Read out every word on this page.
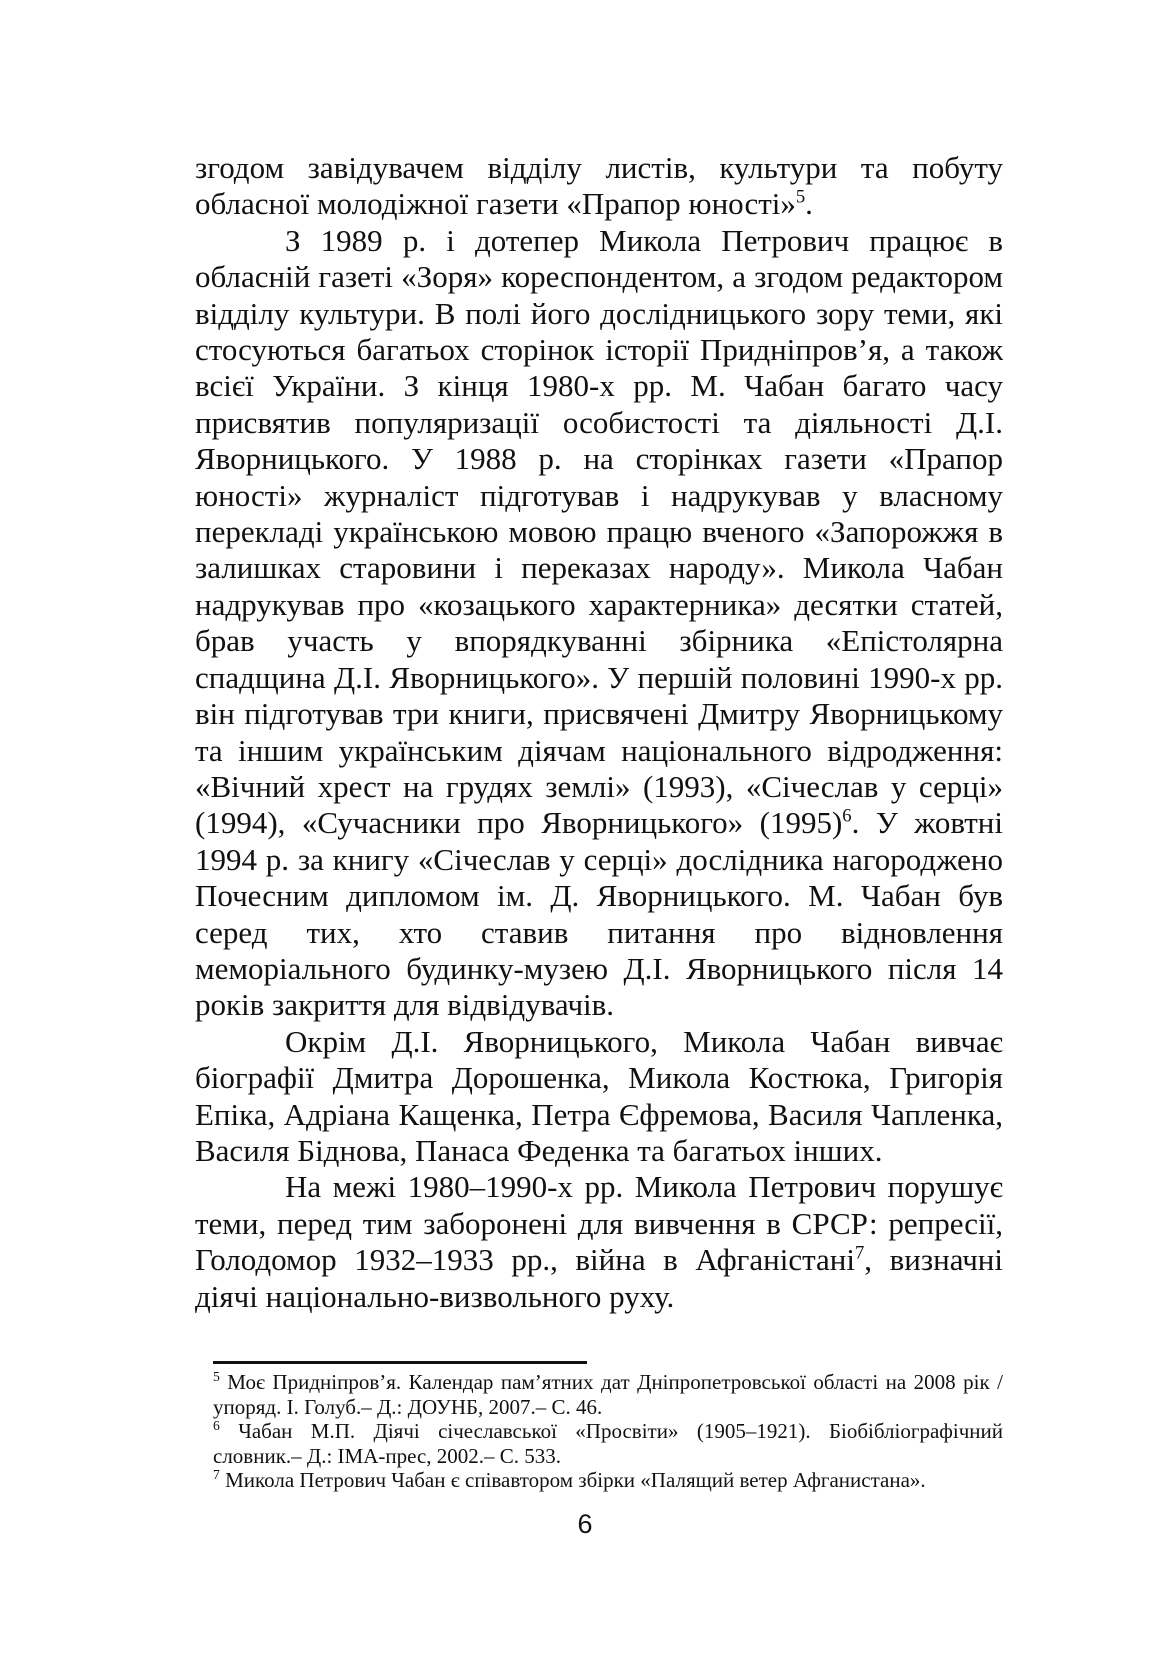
згодом завідувачем відділу листів, культури та побуту обласної молодіжної газети «Прапор юності»$^5$.

З 1989 р. і дотепер Микола Петрович працює в обласній газеті «Зоря» кореспондентом, а згодом редактором відділу культури. В полі його дослідницького зору теми, які стосуються багатьох сторінок історії Придніпров’я, а також всієї України. З кінця 1980-х рр. М. Чабан багато часу присвятив популяризації особистості та діяльності Д.І. Яворницького. У 1988 р. на сторінках газети «Прапор юності» журналіст підготував і надрукував у власному перекладі українською мовою працю вченого «Запорожжя в залишках старовини і переказах народу». Микола Чабан надрукував про «козацького характерника» десятки статей, брав участь у впорядкуванні збірника «Епістолярна спадщина Д.І. Яворницького». У першій половині 1990-х рр. він підготував три книги, присвячені Дмитру Яворницькому та іншим українським діячам національного відродження: «Вічний хрест на грудях землі» (1993), «Січеслав у серці» (1994), «Сучасники про Яворницького» $(1995)^6$. У жовтні 1994 р. за книгу «Січеслав у серці» дослідника нагороджено Почесним дипломом ім. Д. Яворницького. М. Чабан був серед тих, хто ставив питання про відновлення меморіального будинку-музею Д.І. Яворницького після 14 років закриття для відвідувачів.

Окрім Д.І. Яворницького, Микола Чабан вивчає біографії Дмитра Дорошенка, Микола Костюка, Григорія Епіка, Адріана Кащенка, Петра Єфремова, Василя Чапленка, Василя Біднова, Панаса Феденка та багатьох інших.

На межі 1980–1990-х рр. Микола Петрович порушує теми, перед тим заборонені для вивчення в СРСР: репресії, Голодомор 1932–1933 рр., війна в Афганістані$^7$, визначні діячі національно-визвольного руху.

$^5$ Моє Придніпров’я. Календар пам’ятних дат Дніпропетровської області на 2008 рік / упоряд. І. Голуб.– Д.: ДОУНБ, 2007.– С. 46.

$^6$ Чабан М.П. Діячі січеславської «Просвіти» (1905–1921). Біобібліографічний словник.– Д.: ІМА-прес, 2002.– С. 533.

$^7$ Микола Петрович Чабан є співавтором збірки «Палящий ветер Афганистана».

6
